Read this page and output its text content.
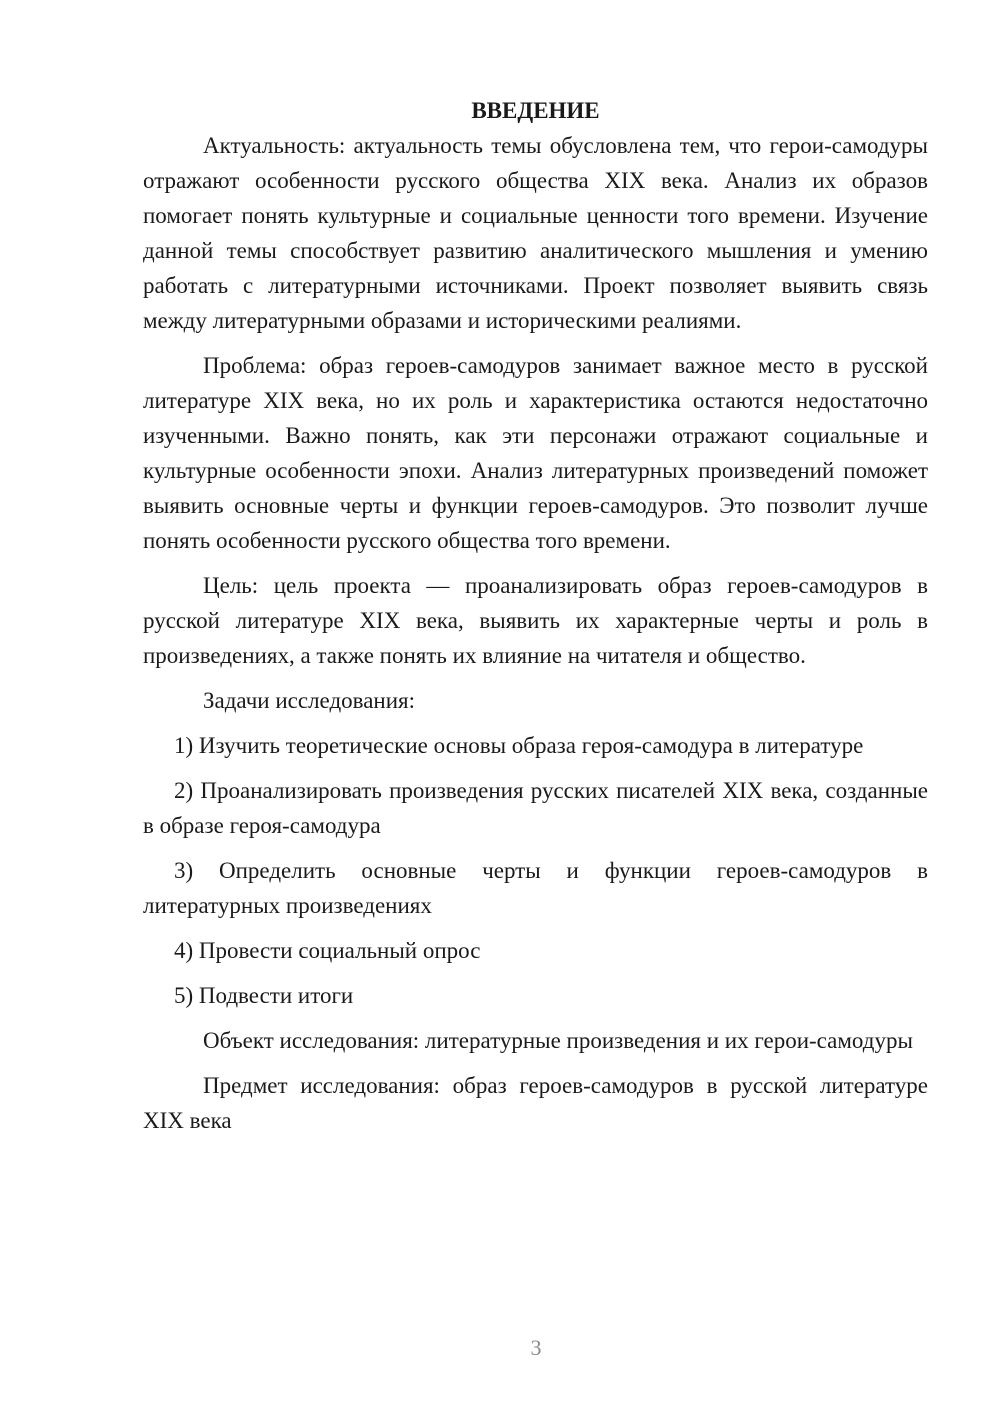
ВВЕДЕНИЕ

Актуальность: актуальность темы обусловлена тем, что герои-самодуры отражают особенности русского общества XIX века. Анализ их образов помогает понять культурные и социальные ценности того времени. Изучение данной темы способствует развитию аналитического мышления и умению работать с литературными источниками. Проект позволяет выявить связь между литературными образами и историческими реалиями.

Проблема: образ героев-самодуров занимает важное место в русской литературе XIX века, но их роль и характеристика остаются недостаточно изученными. Важно понять, как эти персонажи отражают социальные и культурные особенности эпохи. Анализ литературных произведений поможет выявить основные черты и функции героев-самодуров. Это позволит лучше понять особенности русского общества того времени.

Цель: цель проекта — проанализировать образ героев-самодуров в русской литературе XIX века, выявить их характерные черты и роль в произведениях, а также понять их влияние на читателя и общество.

Задачи исследования:

1) Изучить теоретические основы образа героя-самодура в литературе

2) Проанализировать произведения русских писателей XIX века, созданные в образе героя-самодура

3) Определить основные черты и функции героев-самодуров в литературных произведениях

4) Провести социальный опрос

5) Подвести итоги

Объект исследования: литературные произведения и их герои-самодуры

Предмет исследования: образ героев-самодуров в русской литературе XIX века

3
